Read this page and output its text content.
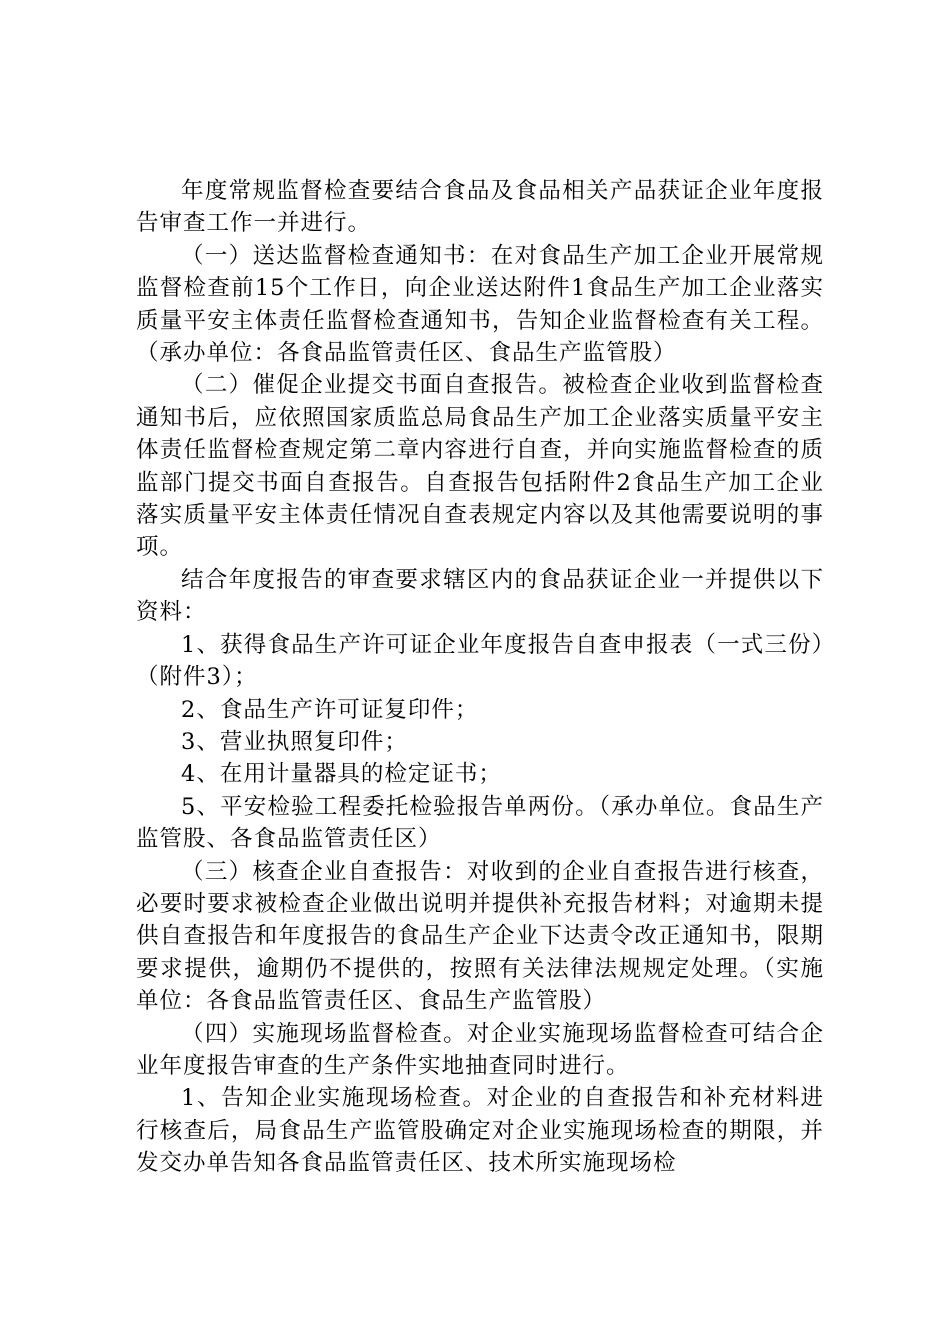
年度常规监督检查要结合食品及食品相关产品获证企业年度报告审查工作一并进行。

（一）送达监督检查通知书：在对食品生产加工企业开展常规监督检查前15个工作日，向企业送达附件1食品生产加工企业落实质量平安主体责任监督检查通知书，告知企业监督检查有关工程。（承办单位：各食品监管责任区、食品生产监管股）

（二）催促企业提交书面自查报告。被检查企业收到监督检查通知书后，应依照国家质监总局食品生产加工企业落实质量平安主体责任监督检查规定第二章内容进行自查，并向实施监督检查的质监部门提交书面自查报告。自查报告包括附件2食品生产加工企业落实质量平安主体责任情况自查表规定内容以及其他需要说明的事项。

结合年度报告的审查要求辖区内的食品获证企业一并提供以下资料：

1、获得食品生产许可证企业年度报告自查申报表（一式三份）（附件3）；

2、食品生产许可证复印件；

3、营业执照复印件；

4、在用计量器具的检定证书；

5、平安检验工程委托检验报告单两份。（承办单位。食品生产监管股、各食品监管责任区）

（三）核查企业自查报告：对收到的企业自查报告进行核查，必要时要求被检查企业做出说明并提供补充报告材料；对逾期未提供自查报告和年度报告的食品生产企业下达责令改正通知书，限期要求提供，逾期仍不提供的，按照有关法律法规规定处理。（实施单位：各食品监管责任区、食品生产监管股）

（四）实施现场监督检查。对企业实施现场监督检查可结合企业年度报告审查的生产条件实地抽查同时进行。

1、告知企业实施现场检查。对企业的自查报告和补充材料进行核查后，局食品生产监管股确定对企业实施现场检查的期限，并发交办单告知各食品监管责任区、技术所实施现场检
